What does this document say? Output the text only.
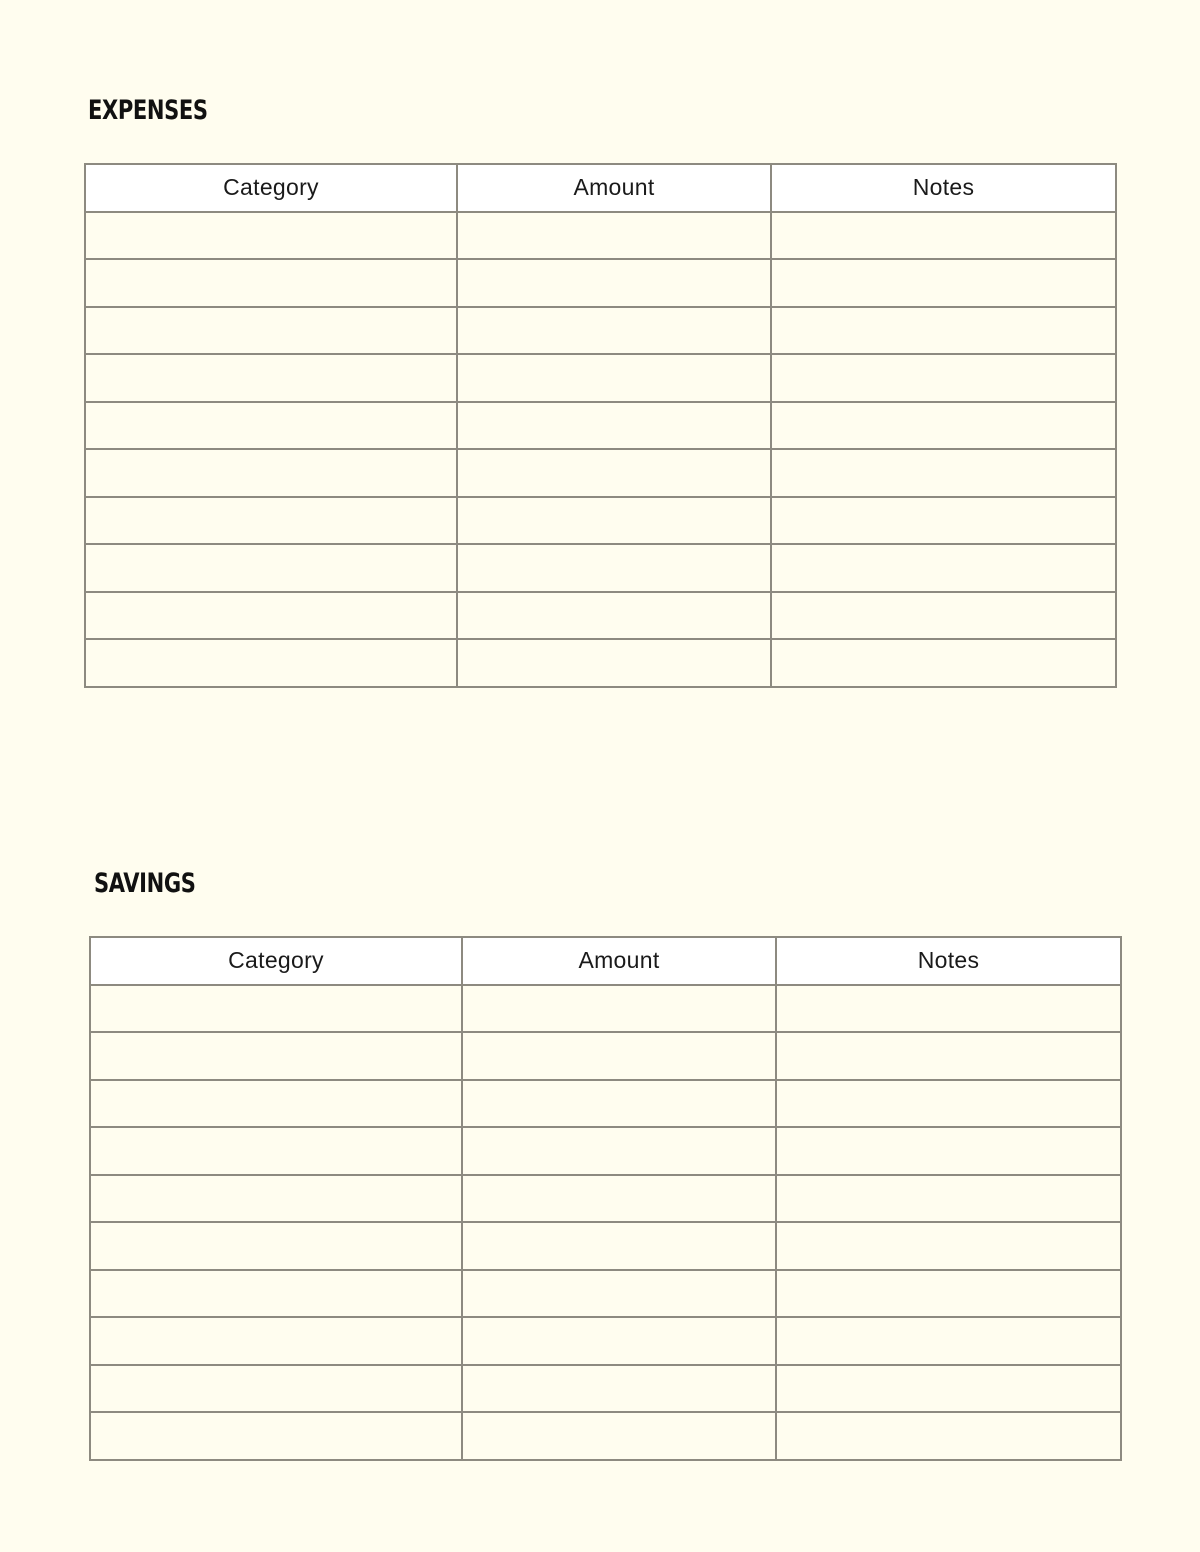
EXPENSES
Category	Amount	Notes

SAVINGS
Category	Amount	Notes
